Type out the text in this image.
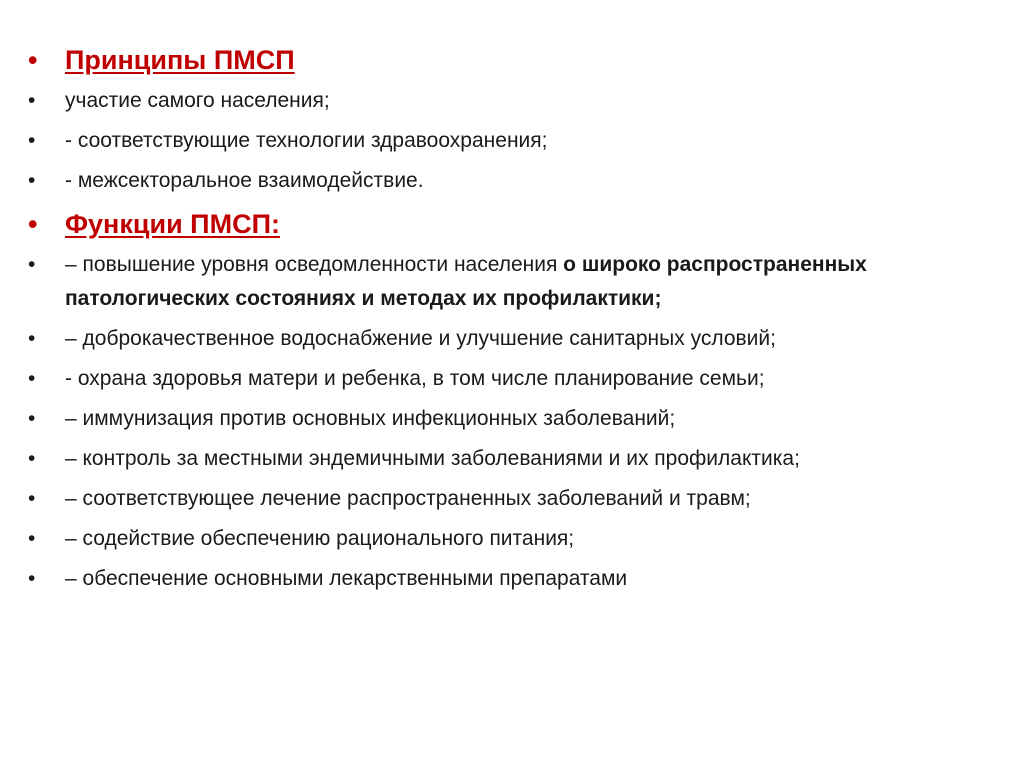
• Принципы ПМСП
• участие самого населения;
• - соответствующие технологии здравоохранения;
• - межсекторальное взаимодействие.
• Функции ПМСП:
• – повышение уровня осведомленности населения о широко распространенных патологических состояниях и методах их профилактики;
• – доброкачественное водоснабжение и улучшение санитарных условий;
• - охрана здоровья матери и ребенка, в том числе планирование семьи;
• – иммунизация против основных инфекционных заболеваний;
• – контроль за местными эндемичными заболеваниями и их профилактика;
• – соответствующее лечение распространенных заболеваний и травм;
• – содействие обеспечению рационального питания;
• – обеспечение основными лекарственными препаратами
